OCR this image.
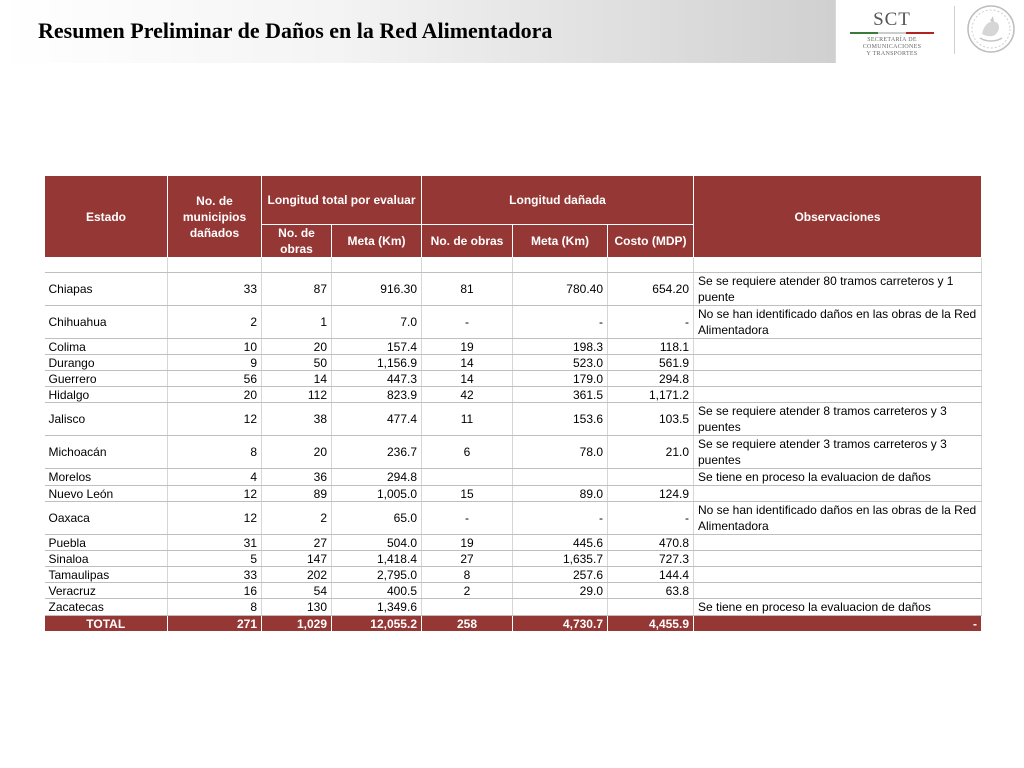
Resumen Preliminar de Daños en la Red Alimentadora	SCT
SECRETARÍA DE
COMUNICACIONES
Y TRANSPORTES
Estado	No. de municipios dañados	Longitud total por evaluar		Longitud dañada			Observaciones
		No. de obras	Meta (Km)	No. de obras	Meta (Km)	Costo (MDP)	

Chiapas	33	87	916.30	81	780.40	654.20	Se se requiere atender 80 tramos carreteros y 1 puente
Chihuahua	2	1	7.0	-	-	-	No se han identificado daños en las obras de la Red Alimentadora
Colima	10	20	157.4	19	198.3	118.1	
Durango	9	50	1,156.9	14	523.0	561.9	
Guerrero	56	14	447.3	14	179.0	294.8	
Hidalgo	20	112	823.9	42	361.5	1,171.2	
Jalisco	12	38	477.4	11	153.6	103.5	Se se requiere atender 8 tramos carreteros y 3 puentes
Michoacán	8	20	236.7	6	78.0	21.0	Se se requiere atender 3 tramos carreteros y 3 puentes
Morelos	4	36	294.8				Se tiene en proceso la evaluacion de daños
Nuevo León	12	89	1,005.0	15	89.0	124.9	
Oaxaca	12	2	65.0	-	-	-	No se han identificado daños en las obras de la Red Alimentadora
Puebla	31	27	504.0	19	445.6	470.8	
Sinaloa	5	147	1,418.4	27	1,635.7	727.3	
Tamaulipas	33	202	2,795.0	8	257.6	144.4	
Veracruz	16	54	400.5	2	29.0	63.8	
Zacatecas	8	130	1,349.6				Se tiene en proceso la evaluacion de daños
TOTAL	271	1,029	12,055.2	258	4,730.7	4,455.9	-
